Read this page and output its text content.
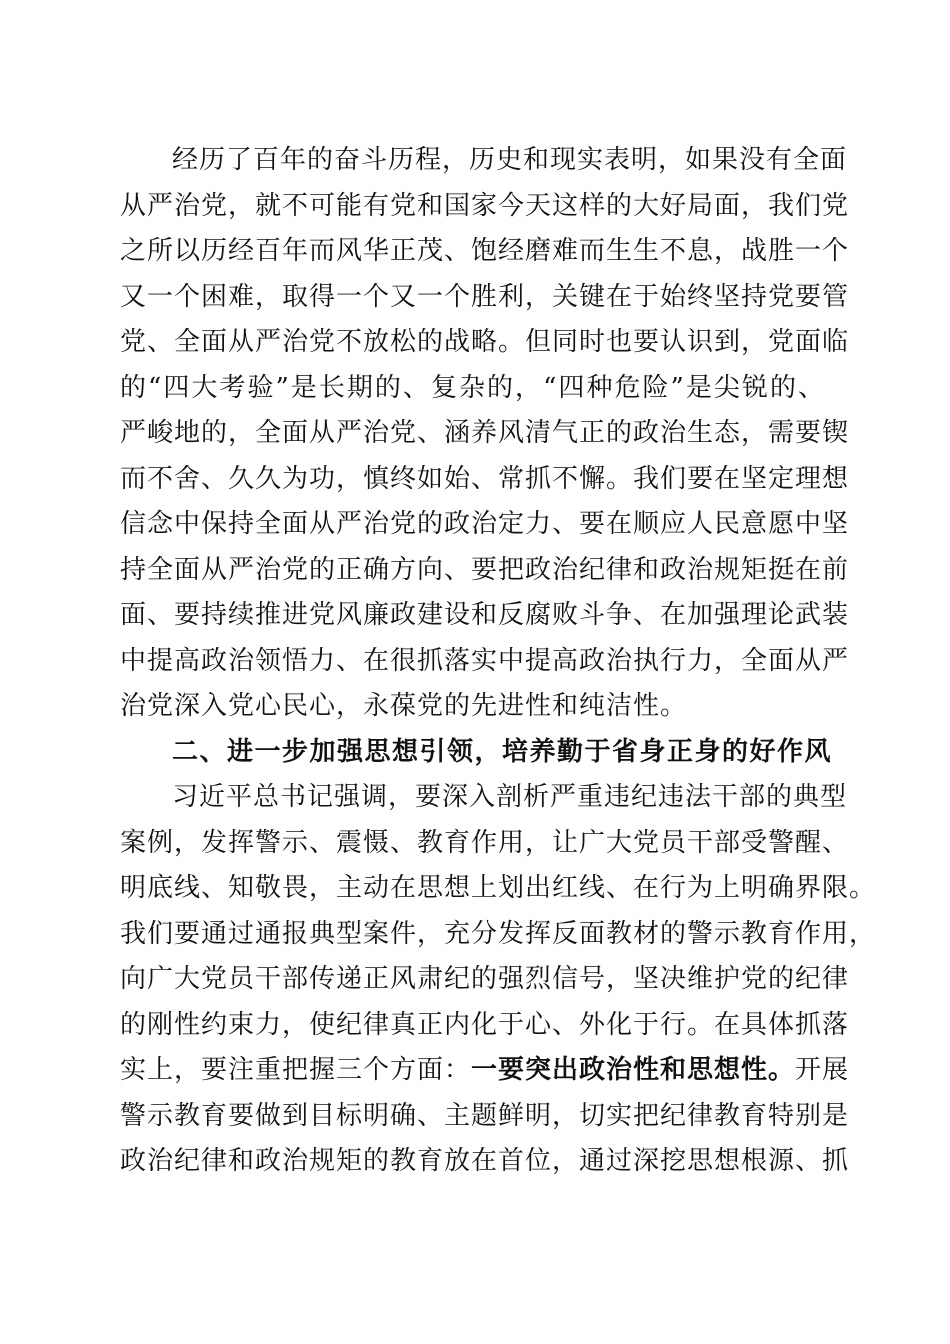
经历了百年的奋斗历程，历史和现实表明，如果没有全面
从严治党，就不可能有党和国家今天这样的大好局面，我们党
之所以历经百年而风华正茂、饱经磨难而生生不息，战胜一个
又一个困难，取得一个又一个胜利，关键在于始终坚持党要管
党、全面从严治党不放松的战略。但同时也要认识到，党面临
的“四大考验”是长期的、复杂的，“四种危险”是尖锐的、
严峻地的，全面从严治党、涵养风清气正的政治生态，需要锲
而不舍、久久为功，慎终如始、常抓不懈。我们要在坚定理想
信念中保持全面从严治党的政治定力、要在顺应人民意愿中坚
持全面从严治党的正确方向、要把政治纪律和政治规矩挺在前
面、要持续推进党风廉政建设和反腐败斗争、在加强理论武装
中提高政治领悟力、在很抓落实中提高政治执行力，全面从严
治党深入党心民心，永葆党的先进性和纯洁性。
二、进一步加强思想引领，培养勤于省身正身的好作风
习近平总书记强调，要深入剖析严重违纪违法干部的典型
案例，发挥警示、震慑、教育作用，让广大党员干部受警醒、
明底线、知敬畏，主动在思想上划出红线、在行为上明确界限。
我们要通过通报典型案件，充分发挥反面教材的警示教育作用，
向广大党员干部传递正风肃纪的强烈信号，坚决维护党的纪律
的刚性约束力，使纪律真正内化于心、外化于行。在具体抓落
实上，要注重把握三个方面：一要突出政治性和思想性。开展
警示教育要做到目标明确、主题鲜明，切实把纪律教育特别是
政治纪律和政治规矩的教育放在首位，通过深挖思想根源、抓
